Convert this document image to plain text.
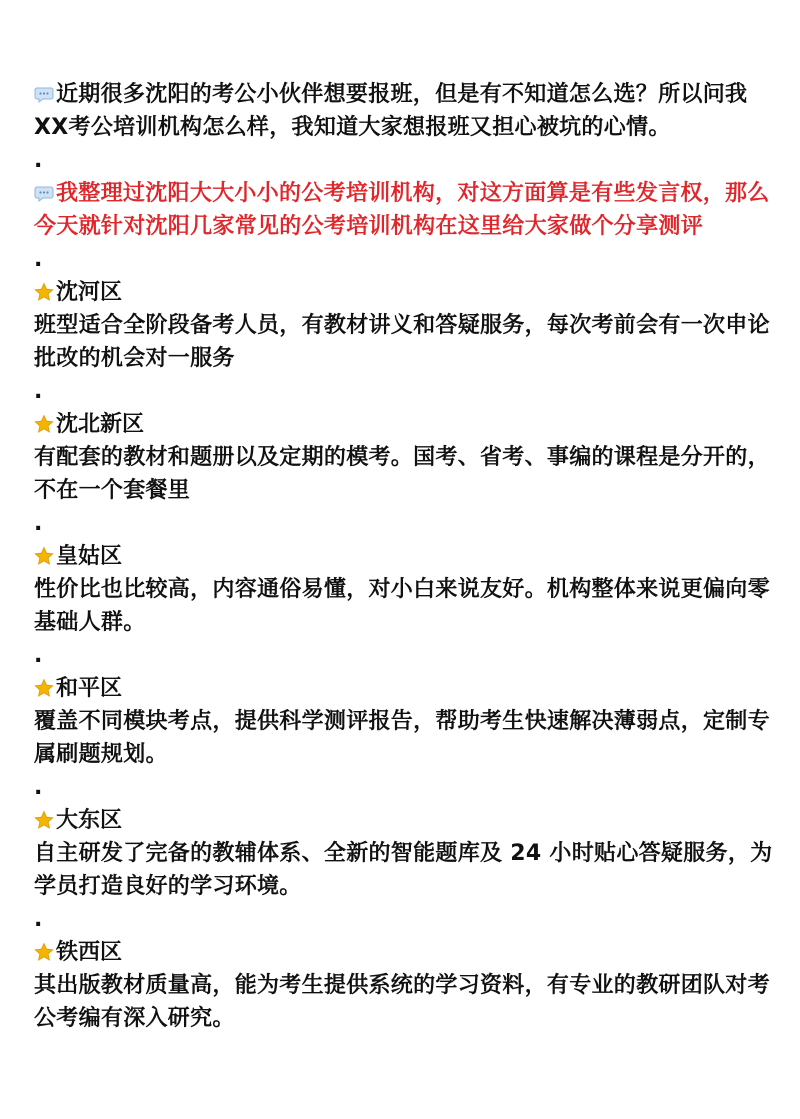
近期很多沈阳的考公小伙伴想要报班，但是有不知道怎么选？所以问我XX考公培训机构怎么样，我知道大家想报班又担心被坑的心情。

.

我整理过沈阳大大小小的公考培训机构，对这方面算是有些发言权，那么今天就针对沈阳几家常见的公考培训机构在这里给大家做个分享测评

.

沈河区

班型适合全阶段备考人员，有教材讲义和答疑服务，每次考前会有一次申论批改的机会对一服务

.

沈北新区

有配套的教材和题册以及定期的模考。国考、省考、事编的课程是分开的，不在一个套餐里

.

皇姑区

性价比也比较高，内容通俗易懂，对小白来说友好。机构整体来说更偏向零基础人群。

.

和平区

覆盖不同模块考点，提供科学测评报告，帮助考生快速解决薄弱点，定制专属刷题规划。

.

大东区

自主研发了完备的教辅体系、全新的智能题库及 24 小时贴心答疑服务，为学员打造良好的学习环境。

.

铁西区

其出版教材质量高，能为考生提供系统的学习资料，有专业的教研团队对考公考编有深入研究。
